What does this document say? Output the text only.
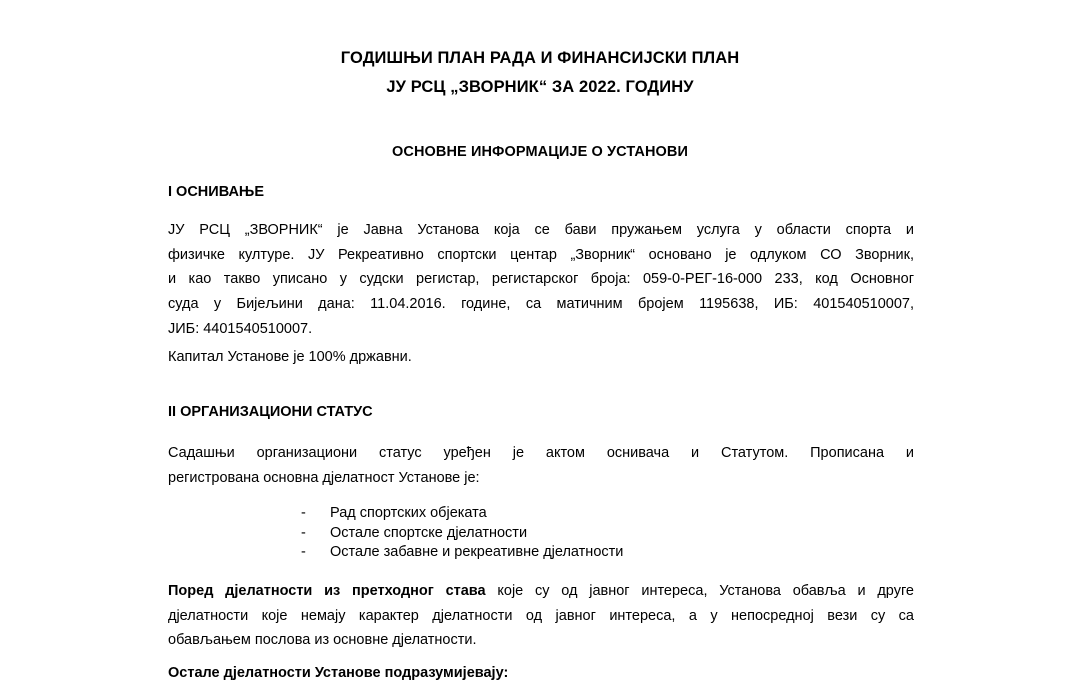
ГОДИШЊИ ПЛАН РАДА И ФИНАНСИЈСКИ ПЛАН
ЈУ РСЦ „ЗВОРНИК“ ЗА 2022. ГОДИНУ
ОСНОВНЕ ИНФОРМАЦИЈЕ О УСТАНОВИ
I ОСНИВАЊЕ

ЈУ РСЦ „ЗВОРНИК“ је Јавна Установа која се бави пружањем услуга у области спорта и
физичке културе. ЈУ Рекреативно спортски центар „Зворник“ основано је одлуком СО Зворник,
и као такво уписано у судски регистар, регистарског броја: 059-0-РЕГ-16-000 233, код Основног
суда у Бијељини дана: 11.04.2016. године, са матичним бројем 1195638, ИБ: 401540510007,
ЈИБ: 4401540510007.

Капитал Установе је 100% државни.

II ОРГАНИЗАЦИОНИ СТАТУС

Садашњи организациони статус уређен је актом оснивача и Статутом. Прописана и
регистрована основна дјелатност Установе је:

- Рад спортских објеката
- Остале спортске дјелатности
- Остале забавне и рекреативне дјелатности

Поред дјелатности из претходног става које су од јавног интереса, Установа обавља и друге
дјелатности које немају карактер дјелатности од јавног интереса, а у непосредној вези су са
обављањем послова из основне дјелатности.

Остале дјелатности Установе подразумијевају:
